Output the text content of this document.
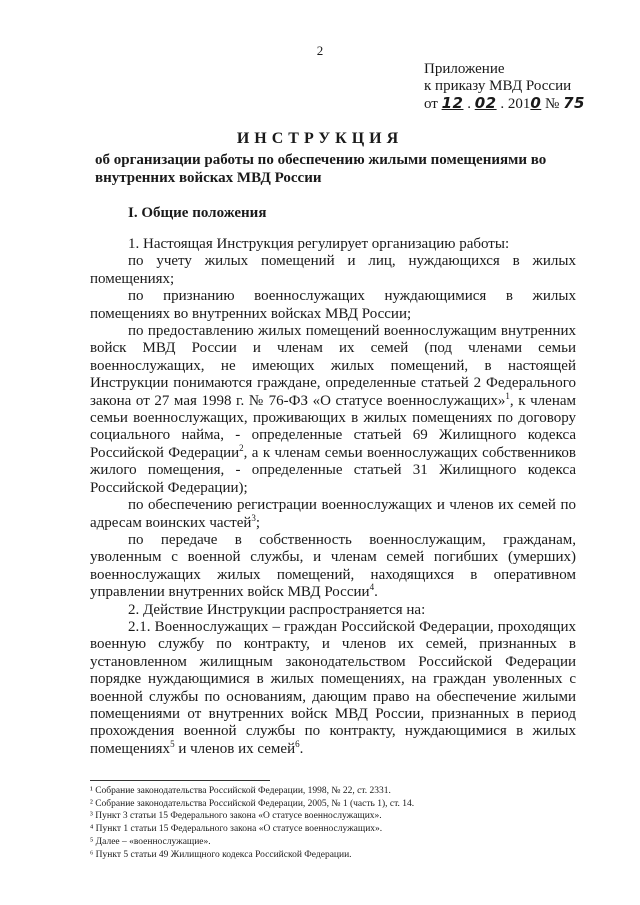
2
Приложение
к приказу МВД России
от 12 . 02 . 2010 № 75
ИНСТРУКЦИЯ
об организации работы по обеспечению жилыми помещениями во внутренних войсках МВД России
I. Общие положения

1. Настоящая Инструкция регулирует организацию работы:

по учету жилых помещений и лиц, нуждающихся в жилых помещениях;

по признанию военнослужащих нуждающимися в жилых помещениях во внутренних войсках МВД России;

по предоставлению жилых помещений военнослужащим внутренних войск МВД России и членам их семей (под членами семьи военнослужащих, не имеющих жилых помещений, в настоящей Инструкции понимаются граждане, определенные статьей 2 Федерального закона от 27 мая 1998 г. № 76-ФЗ «О статусе военнослужащих»$^1$, к членам семьи военнослужащих, проживающих в жилых помещениях по договору социального найма, - определенные статьей 69 Жилищного кодекса Российской Федерации$^2$, а к членам семьи военнослужащих собственников жилого помещения, - определенные статьей 31 Жилищного кодекса Российской Федерации);

по обеспечению регистрации военнослужащих и членов их семей по адресам воинских частей$^3$;

по передаче в собственность военнослужащим, гражданам, уволенным с военной службы, и членам семей погибших (умерших) военнослужащих жилых помещений, находящихся в оперативном управлении внутренних войск МВД России$^4$.

2. Действие Инструкции распространяется на:

2.1. Военнослужащих – граждан Российской Федерации, проходящих военную службу по контракту, и членов их семей, признанных в установленном жилищным законодательством Российской Федерации порядке нуждающимися в жилых помещениях, на граждан уволенных с военной службы по основаниям, дающим право на обеспечение жилыми помещениями от внутренних войск МВД России, признанных в период прохождения военной службы по контракту, нуждающимися в жилых помещениях$^5$ и членов их семей$^6$.

¹ Собрание законодательства Российской Федерации, 1998, № 22, ст. 2331.
² Собрание законодательства Российской Федерации, 2005, № 1 (часть 1), ст. 14.
³ Пункт 3 статьи 15 Федерального закона «О статусе военнослужащих».
⁴ Пункт 1 статьи 15 Федерального закона «О статусе военнослужащих».
⁵ Далее – «военнослужащие».
⁶ Пункт 5 статьи 49 Жилищного кодекса Российской Федерации.
